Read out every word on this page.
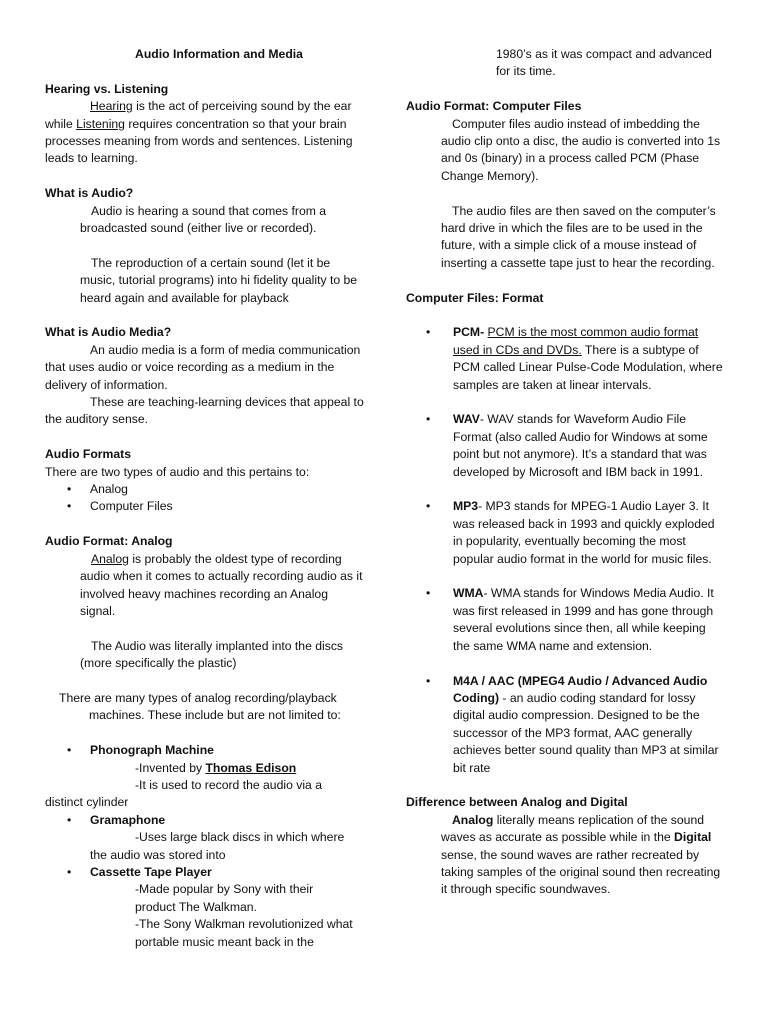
Audio Information and Media

Hearing vs. Listening

Hearing is the act of perceiving sound by the ear while Listening requires concentration so that your brain processes meaning from words and sentences. Listening leads to learning.

What is Audio?

Audio is hearing a sound that comes from a broadcasted sound (either live or recorded).

The reproduction of a certain sound (let it be music, tutorial programs) into hi fidelity quality to be heard again and available for playback

What is Audio Media?

An audio media is a form of media communication that uses audio or voice recording as a medium in the delivery of information.

These are teaching-learning devices that appeal to the auditory sense.

Audio Formats

There are two types of audio and this pertains to:

•	Analog
•	Computer Files

Audio Format: Analog

Analog is probably the oldest type of recording audio when it comes to actually recording audio as it involved heavy machines recording an Analog signal.

The Audio was literally implanted into the discs (more specifically the plastic)

There are many types of analog recording/playback machines. These include but are not limited to:

•	Phonograph Machine

-Invented by Thomas Edison

-It is used to record the audio via a

distinct cylinder

•	Gramaphone

-Uses large black discs in which where

the audio was stored into

•	Cassette Tape Player

-Made popular by Sony with their

product The Walkman.

-The Sony Walkman revolutionized what

portable music meant back in the

1980’s as it was compact and advanced for its time.

Audio Format: Computer Files

Computer files audio instead of imbedding the audio clip onto a disc, the audio is converted into 1s and 0s (binary) in a process called PCM (Phase Change Memory).

The audio files are then saved on the computer’s hard drive in which the files are to be used in the future, with a simple click of a mouse instead of inserting a cassette tape just to hear the recording.

Computer Files: Format

•	PCM- PCM is the most common audio format used in CDs and DVDs. There is a subtype of PCM called Linear Pulse-Code Modulation, where samples are taken at linear intervals.
•	WAV- WAV stands for Waveform Audio File Format (also called Audio for Windows at some point but not anymore). It’s a standard that was developed by Microsoft and IBM back in 1991.
•	MP3- MP3 stands for MPEG-1 Audio Layer 3. It was released back in 1993 and quickly exploded in popularity, eventually becoming the most popular audio format in the world for music files.
•	WMA- WMA stands for Windows Media Audio. It was first released in 1999 and has gone through several evolutions since then, all while keeping the same WMA name and extension.
•	M4A / AAC (MPEG4 Audio / Advanced Audio Coding) - an audio coding standard for lossy digital audio compression. Designed to be the successor of the MP3 format, AAC generally achieves better sound quality than MP3 at similar bit rate

Difference between Analog and Digital

Analog literally means replication of the sound waves as accurate as possible while in the Digital sense, the sound waves are rather recreated by taking samples of the original sound then recreating it through specific soundwaves.
